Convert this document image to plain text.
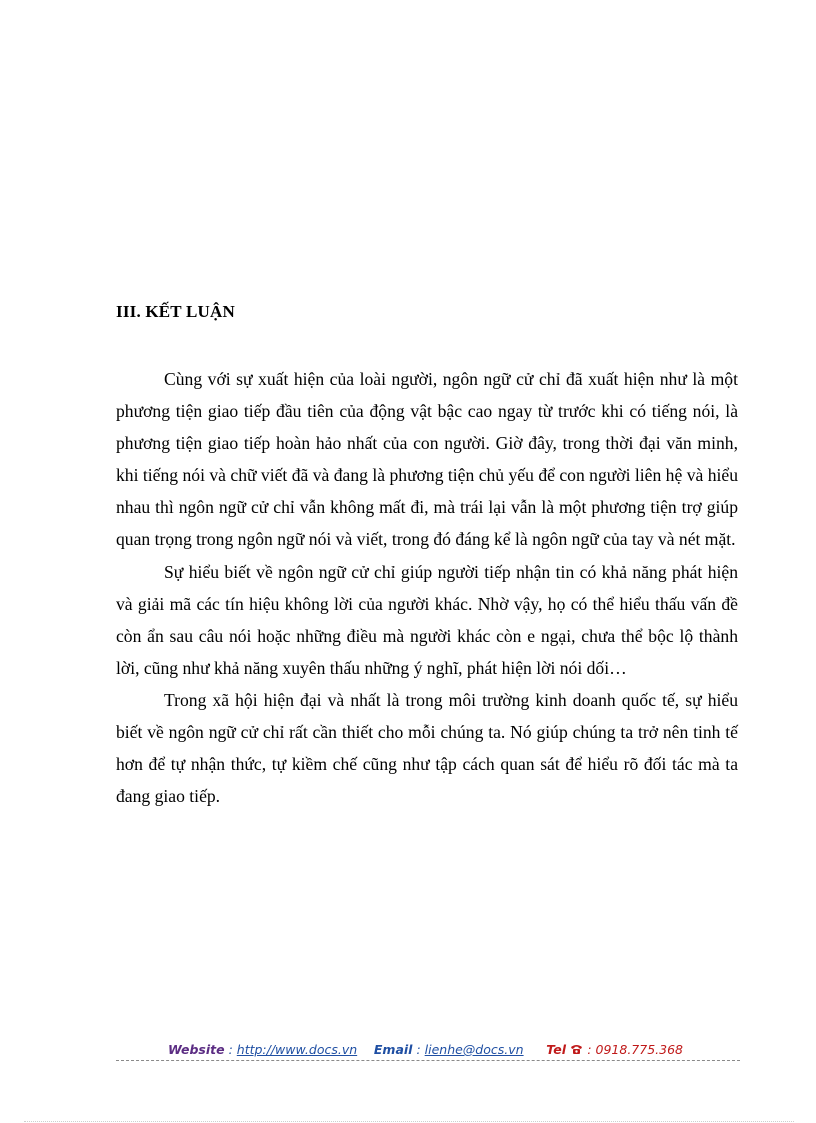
III. KẾT LUẬN

Cùng với sự xuất hiện của loài người, ngôn ngữ cử chỉ đã xuất hiện như là một phương tiện giao tiếp đầu tiên của động vật bậc cao ngay từ trước khi có tiếng nói, là phương tiện giao tiếp hoàn hảo nhất của con người. Giờ đây, trong thời đại văn minh, khi tiếng nói và chữ viết đã và đang là phương tiện chủ yếu để con người liên hệ và hiểu nhau thì ngôn ngữ cử chỉ vẫn không mất đi, mà trái lại vẫn là một phương tiện trợ giúp quan trọng trong ngôn ngữ nói và viết, trong đó đáng kể là ngôn ngữ của tay và nét mặt.

Sự hiểu biết về ngôn ngữ cử chỉ giúp người tiếp nhận tin có khả năng phát hiện và giải mã các tín hiệu không lời của người khác. Nhờ vậy, họ có thể hiểu thấu vấn đề còn ẩn sau câu nói hoặc những điều mà người khác còn e ngại, chưa thể bộc lộ thành lời, cũng như khả năng xuyên thấu những ý nghĩ, phát hiện lời nói dối…

Trong xã hội hiện đại và nhất là trong môi trường kinh doanh quốc tế, sự hiểu biết về ngôn ngữ cử chỉ rất cần thiết cho mỗi chúng ta. Nó giúp chúng ta trở nên tinh tế hơn để tự nhận thức, tự kiềm chế cũng như tập cách quan sát để hiểu rõ đối tác mà ta đang giao tiếp.

Website : http://www.docs.vn Email : lienhe@docs.vn Tel  : 0918.775.368
